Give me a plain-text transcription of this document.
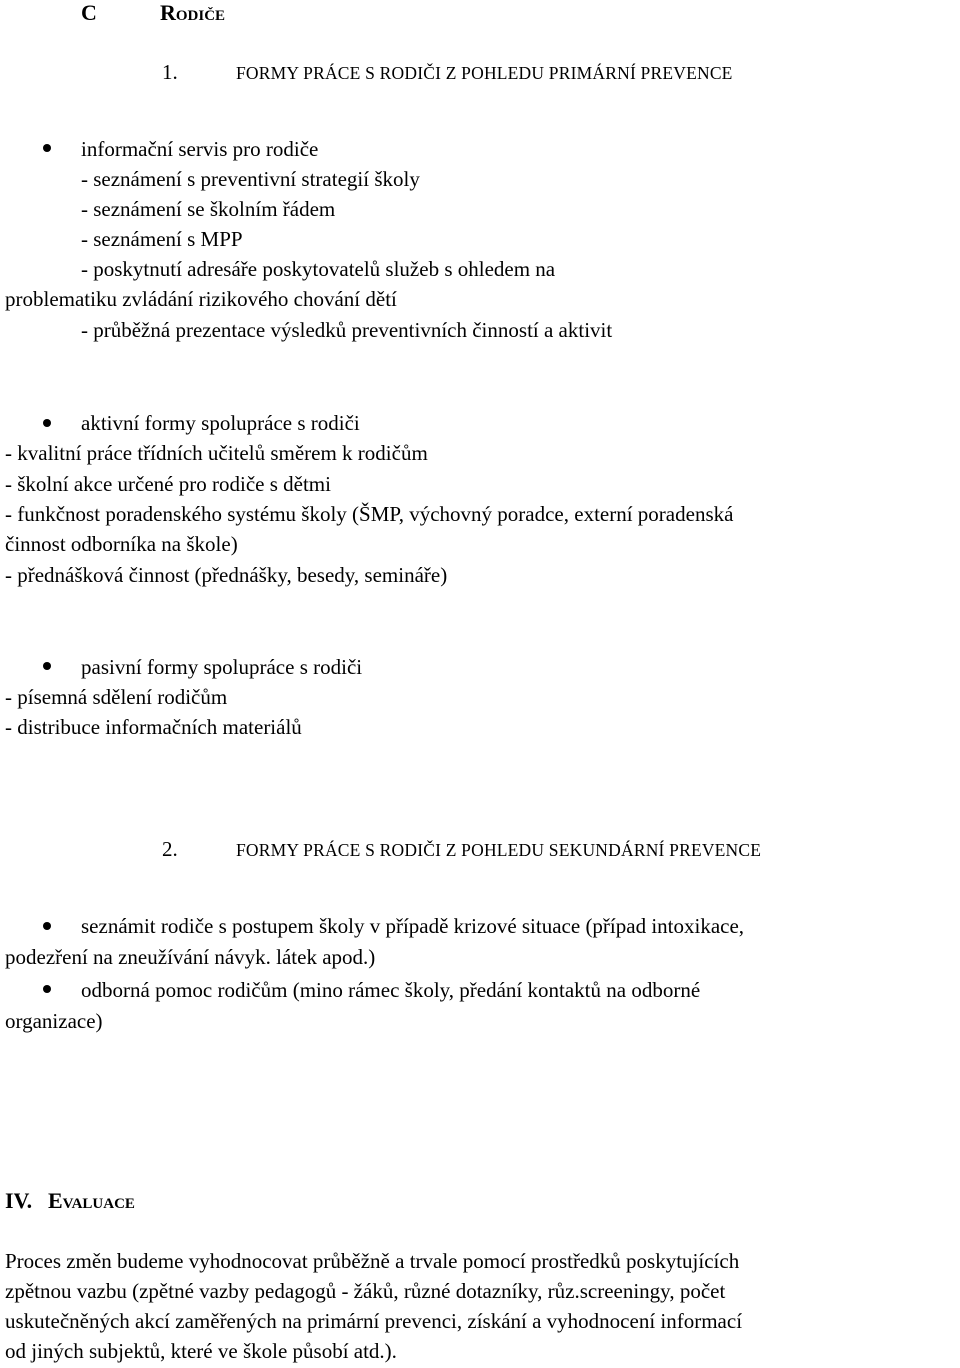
C	Rodiče
1.	FORMY PRÁCE S RODIČI Z POHLEDU PRIMÁRNÍ PREVENCE
informační servis pro rodiče
- seznámení s preventivní strategií školy
- seznámení se školním řádem
- seznámení s MPP
- poskytnutí adresáře poskytovatelů služeb s ohledem na
problematiku zvládání rizikového chování dětí
- průběžná prezentace výsledků preventivních činností a aktivit
aktivní formy spolupráce s rodiči
- kvalitní práce třídních učitelů směrem k rodičům
- školní akce určené pro rodiče s dětmi
- funkčnost poradenského systému školy (ŠMP, výchovný poradce, externí poradenská
činnost odborníka na škole)
- přednášková činnost (přednášky, besedy, semináře)
pasivní formy spolupráce s rodiči
- písemná sdělení rodičům
- distribuce informačních materiálů
2.	FORMY PRÁCE S RODIČI Z POHLEDU SEKUNDÁRNÍ PREVENCE
seznámit rodiče s postupem školy v případě krizové situace (případ intoxikace,
podezření na zneužívání návyk. látek apod.)
odborná pomoc rodičům (mino rámec školy, předání kontaktů na odborné
organizace)
IV. Evaluace
Proces změn budeme vyhodnocovat průběžně a trvale pomocí prostředků poskytujících
zpětnou vazbu (zpětné vazby pedagogů - žáků, různé dotazníky, růz.screeningy, počet
uskutečněných akcí zaměřených na primární prevenci, získání a vyhodnocení informací
od jiných subjektů, které ve škole působí atd.).
